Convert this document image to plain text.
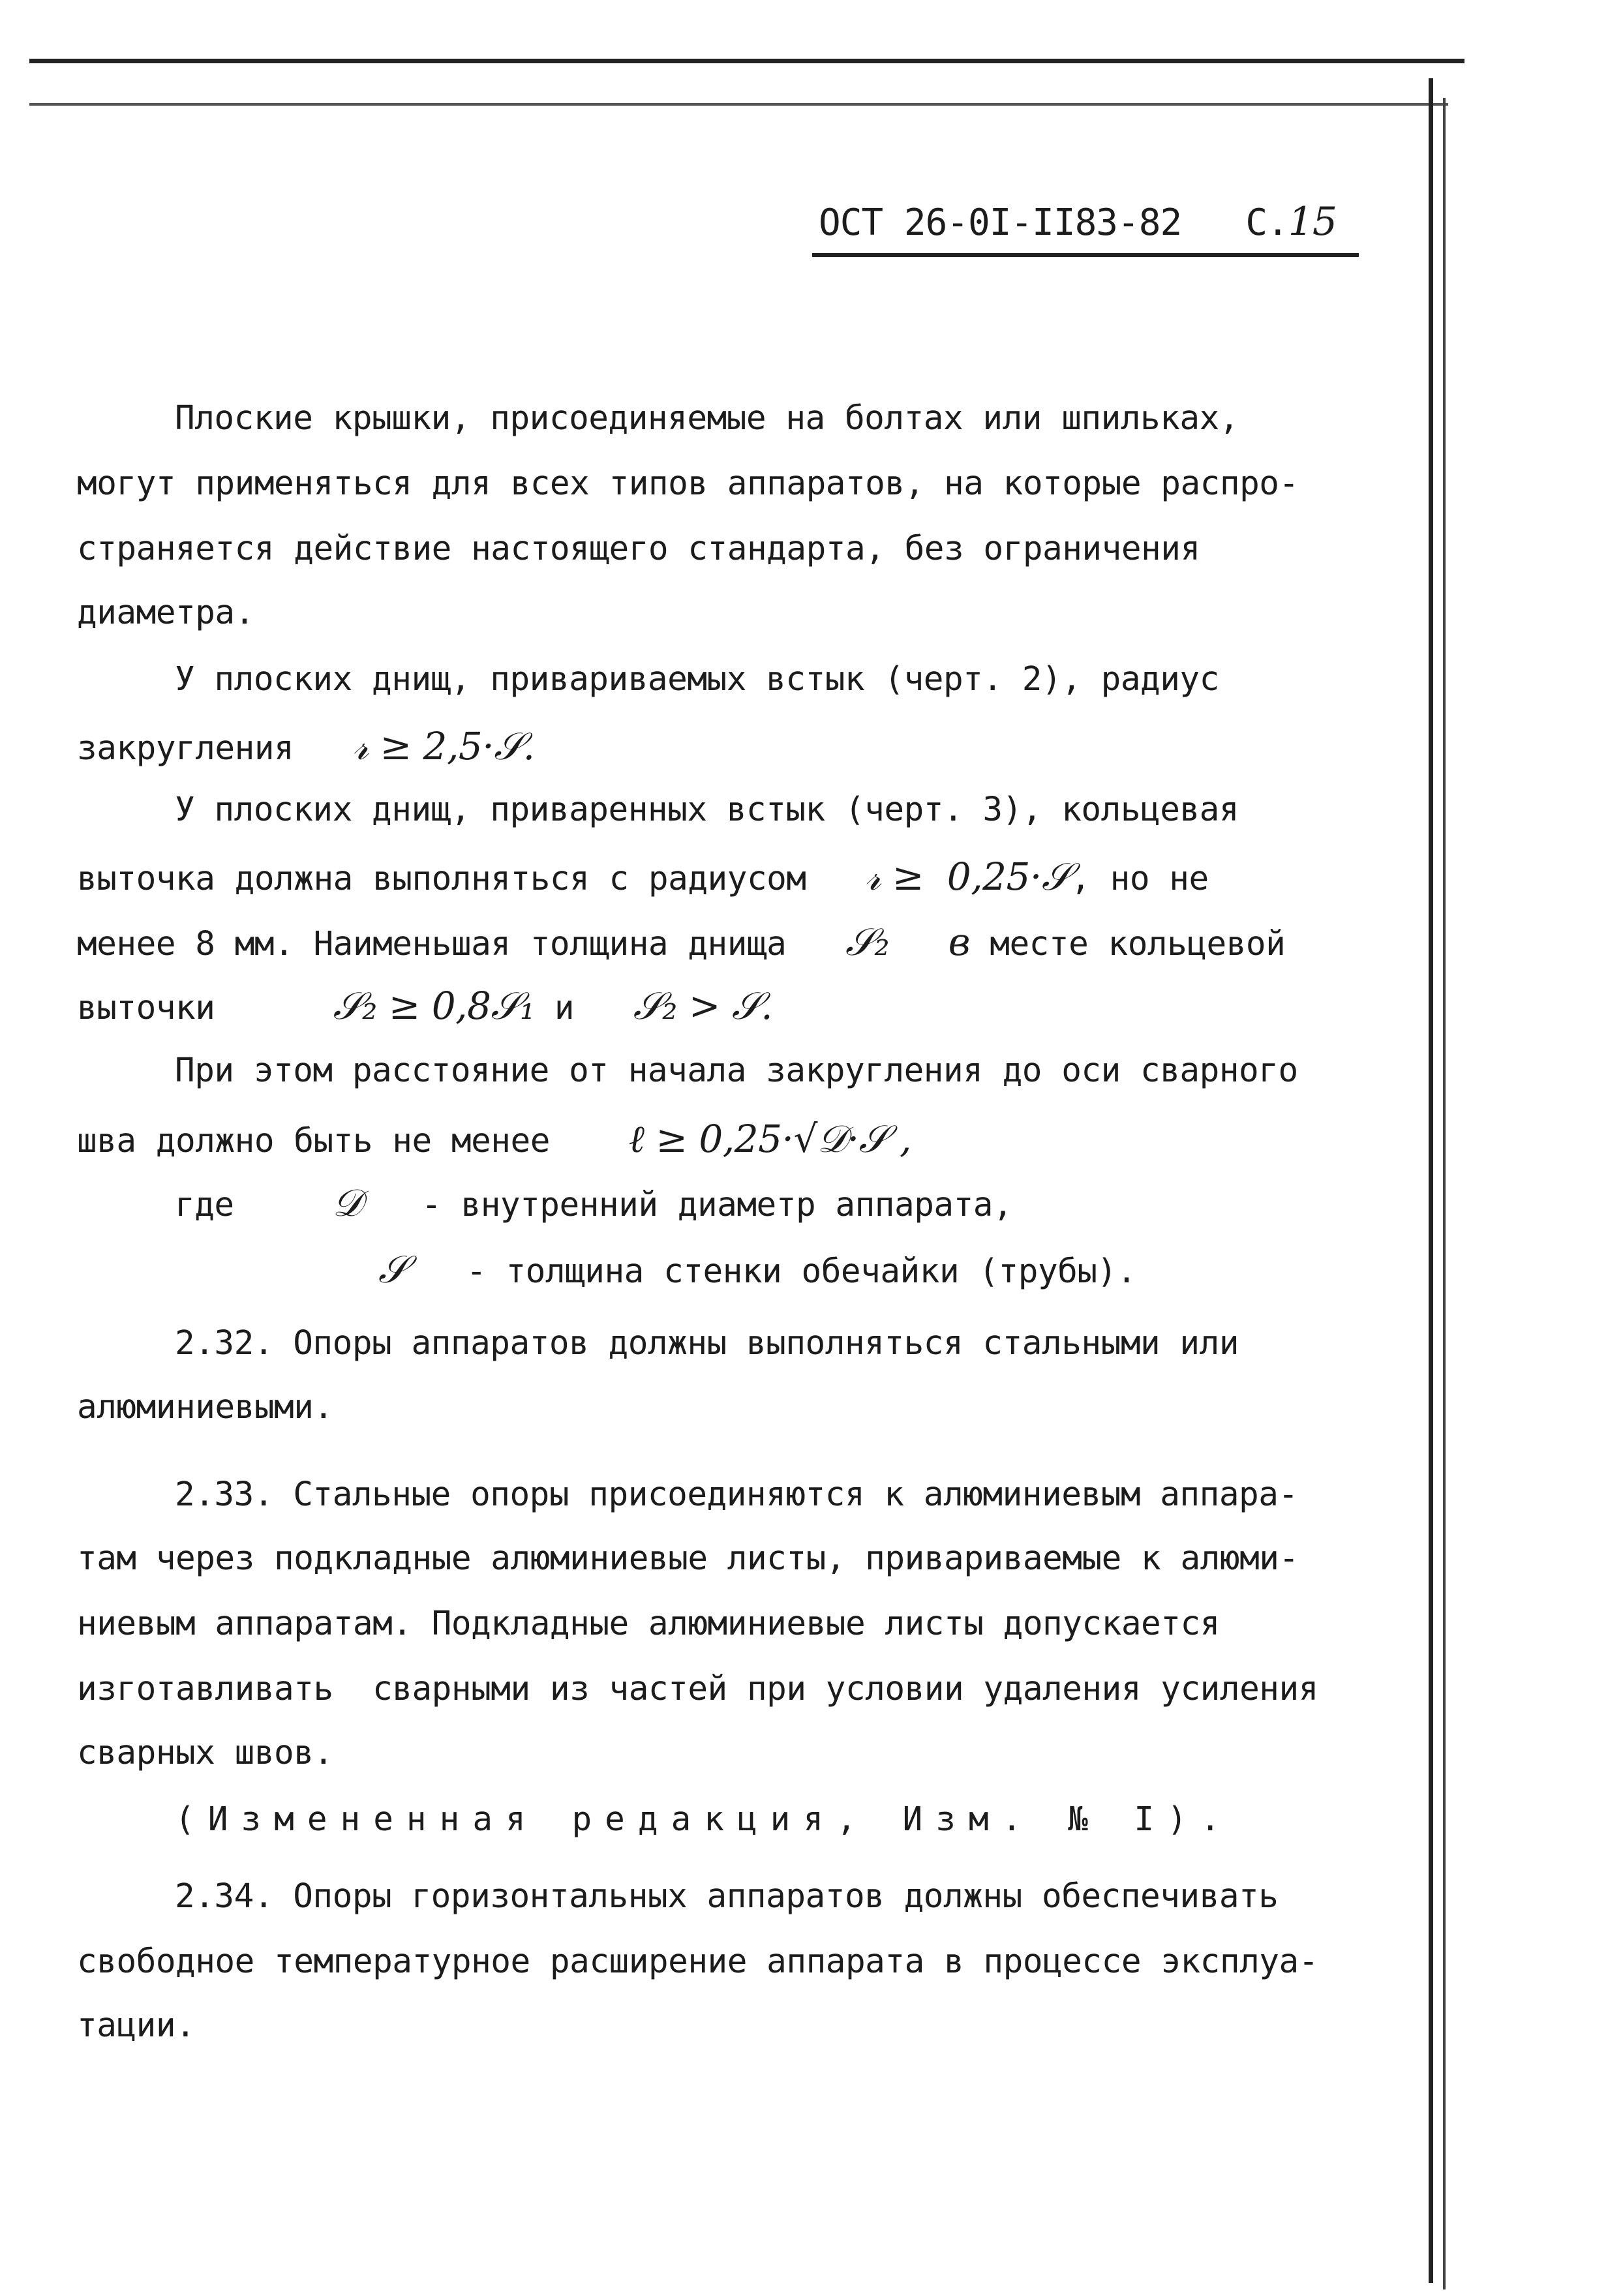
ОСТ 26-0I-II83-82 С.15
Плоские крышки, присоединяемые на болтах или шпильках,
могут применяться для всех типов аппаратов, на которые распро-
страняется действие настоящего стандарта, без ограничения
диаметра.
У плоских днищ, привариваемых встык (черт. 2), радиус
закругления 𝓇 ≥ 2,5·𝒮.
У плоских днищ, приваренных встык (черт. 3), кольцевая
выточка должна выполняться с радиусом 𝓇 ≥  0,25·𝒮, но не
менее 8 мм. Наименьшая толщина днища 𝒮₂ в месте кольцевой
выточки	𝒮₂ ≥ 0,8𝒮₁ и 𝒮₂ > 𝒮.
При этом расстояние от начала закругления до оси сварного
шва должно быть не менее ℓ ≥ 0,25·√𝒟·𝒮 ,
где	𝒟 - внутренний диаметр аппарата,
𝒮 - толщина стенки обечайки (трубы).
2.32. Опоры аппаратов должны выполняться стальными или
алюминиевыми.
2.33. Стальные опоры присоединяются к алюминиевым аппара-
там через подкладные алюминиевые листы, привариваемые к алюми-
ниевым аппаратам. Подкладные алюминиевые листы допускается
изготавливать  сварными из частей при условии удаления усиления
сварных швов.
(Измененная редакция, Изм. № I).
2.34. Опоры горизонтальных аппаратов должны обеспечивать
свободное температурное расширение аппарата в процессе эксплуа-
тации.
